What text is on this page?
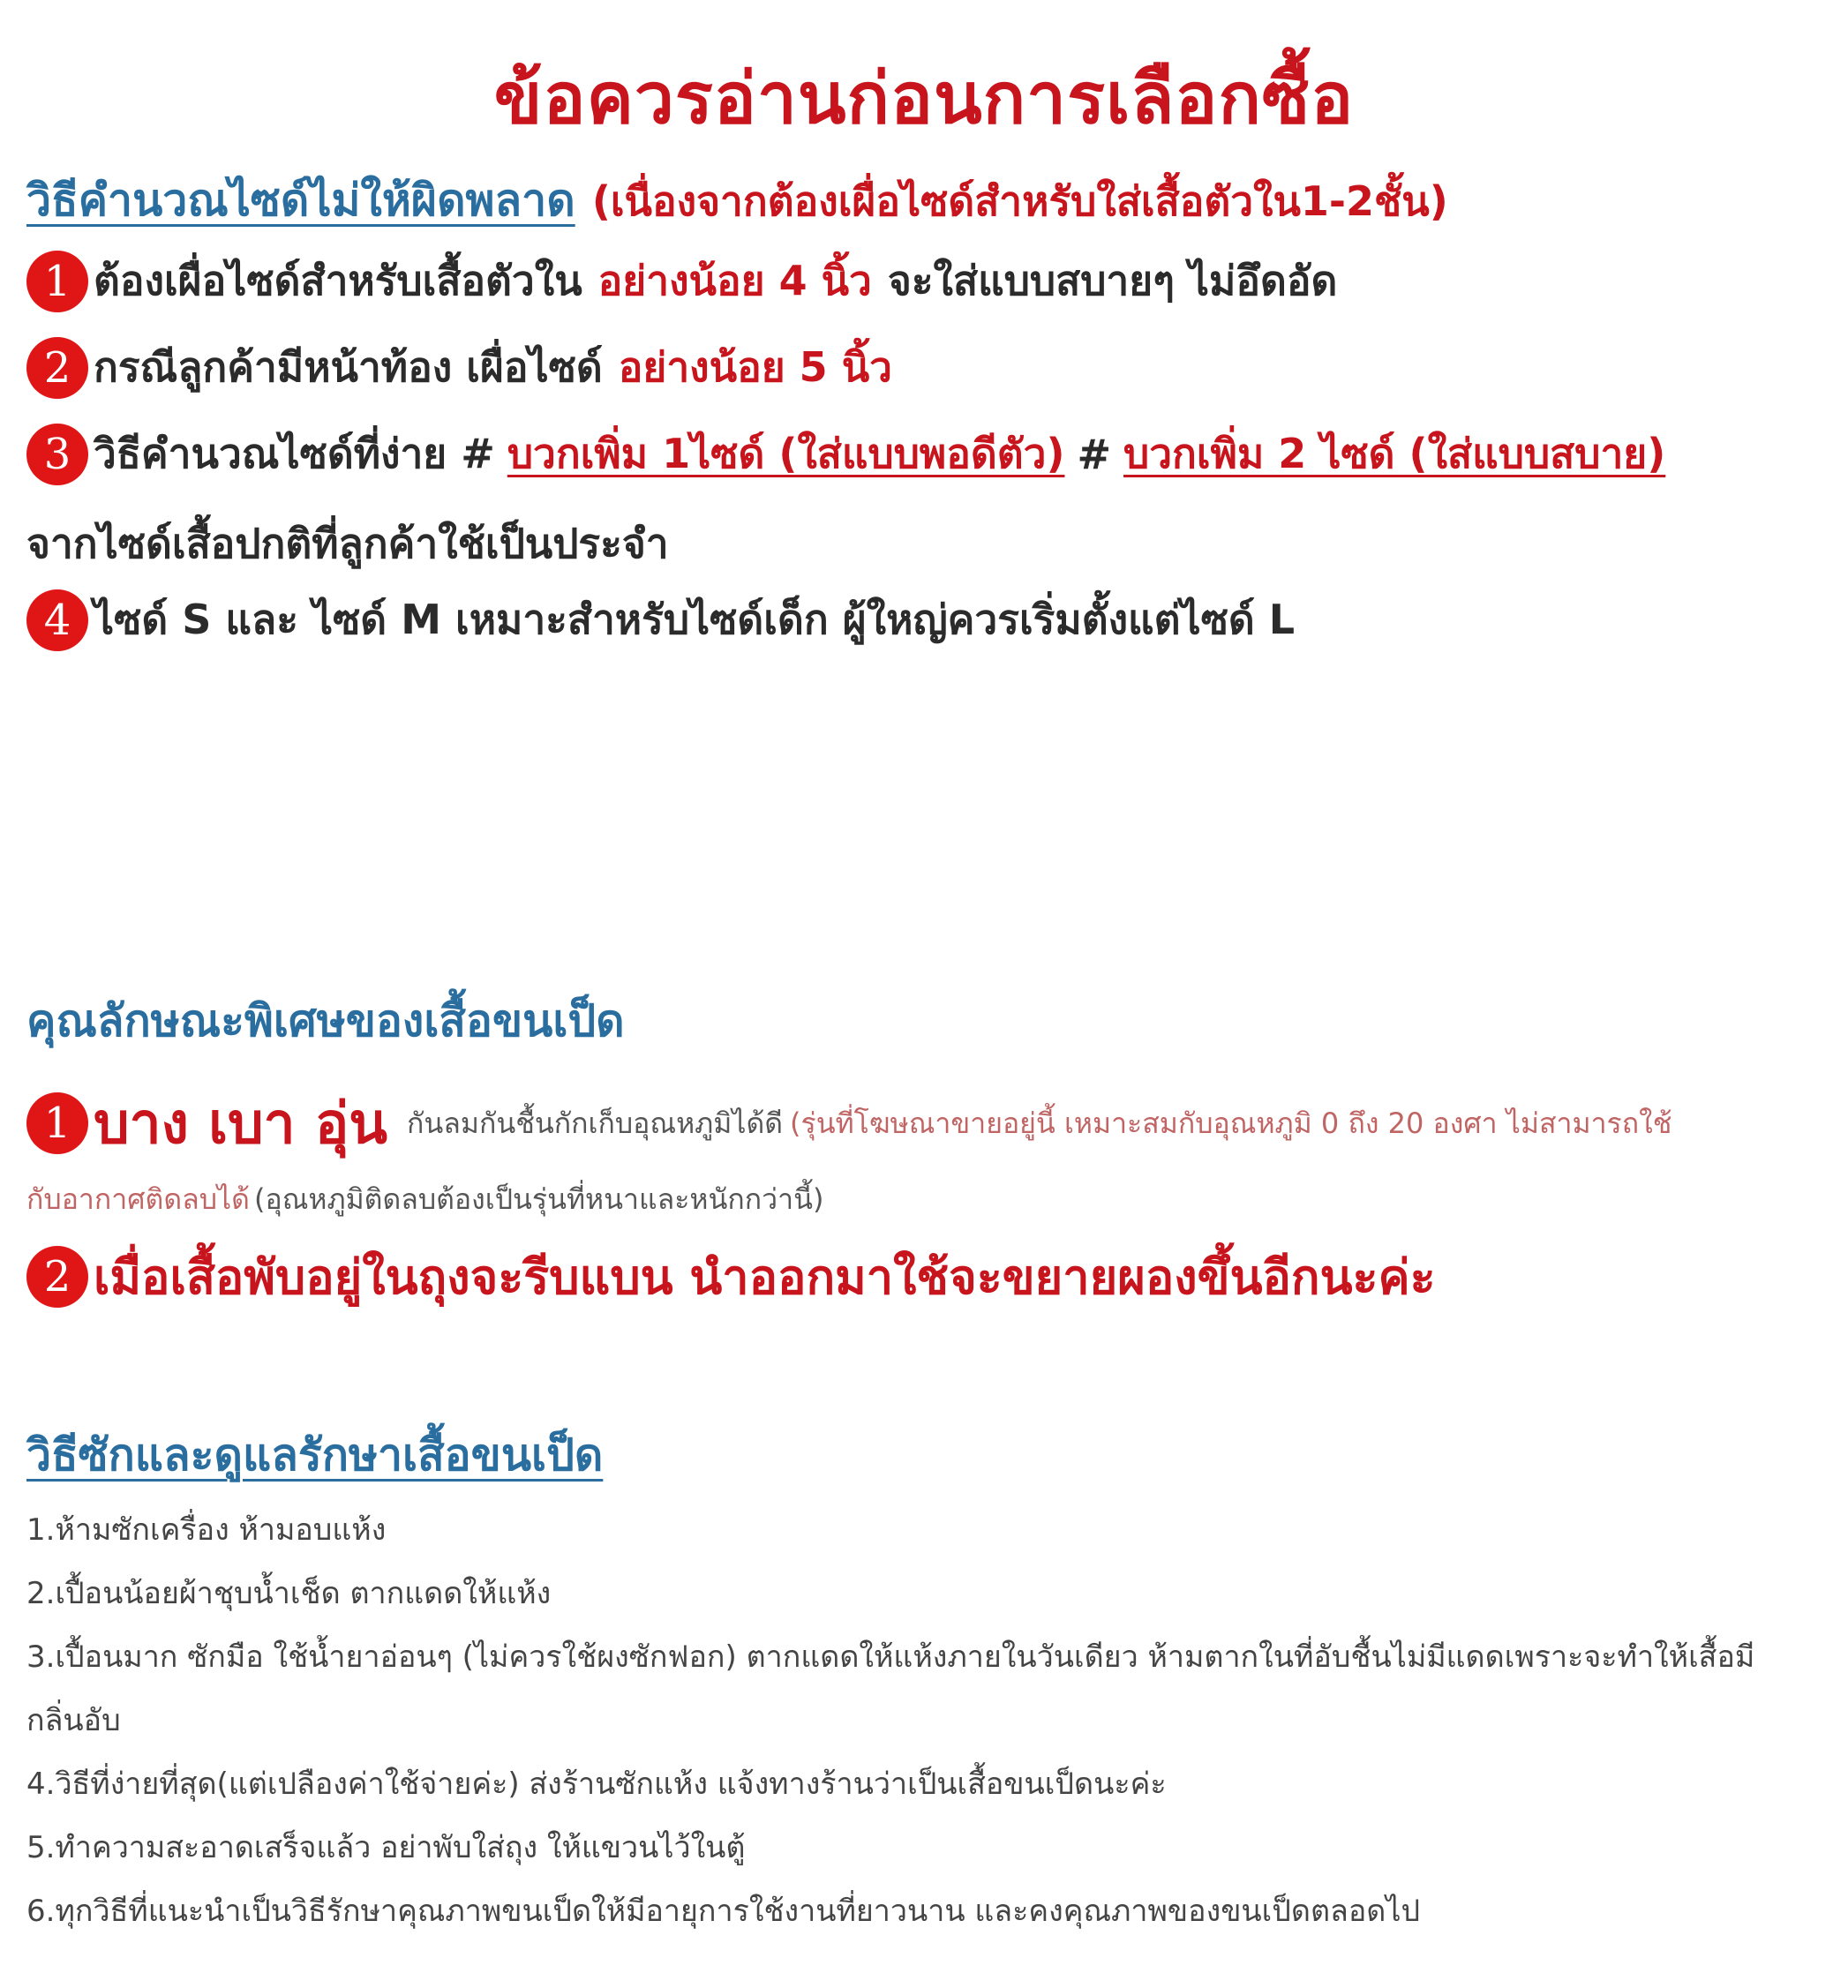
ข้อควรอ่านก่อนการเลือกซื้อ
วิธีคำนวณไซด์ไม่ให้ผิดพลาด (เนื่องจากต้องเผื่อไซด์สำหรับใส่เสื้อตัวใน1-2ชั้น)
1 ต้องเผื่อไซด์สำหรับเสื้อตัวใน อย่างน้อย 4 นิ้ว จะใส่แบบสบายๆ ไม่อึดอัด
2 กรณีลูกค้ามีหน้าท้อง เผื่อไซด์ อย่างน้อย 5 นิ้ว
3 วิธีคำนวณไซด์ที่ง่าย # บวกเพิ่ม 1ไซด์ (ใส่แบบพอดีตัว) # บวกเพิ่ม 2 ไซด์ (ใส่แบบสบาย)
จากไซด์เสื้อปกติที่ลูกค้าใช้เป็นประจำ
4 ไซด์ S และ ไซด์ M เหมาะสำหรับไซด์เด็ก ผู้ใหญ่ควรเริ่มตั้งแต่ไซด์ L
คุณลักษณะพิเศษของเสื้อขนเป็ด
1 บาง เบา อุ่น กันลมกันชื้นกักเก็บอุณหภูมิได้ดี (รุ่นที่โฆษณาขายอยู่นี้ เหมาะสมกับอุณหภูมิ 0 ถึง 20 องศา ไม่สามารถใช้
กับอากาศติดลบได้ (อุณหภูมิติดลบต้องเป็นรุ่นที่หนาและหนักกว่านี้)
2 เมื่อเสื้อพับอยู่ในถุงจะรีบแบน นำออกมาใช้จะขยายผองขึ้นอีกนะค่ะ
วิธีซักและดูแลรักษาเสื้อขนเป็ด
1.ห้ามซักเครื่อง ห้ามอบแห้ง
2.เปื้อนน้อยผ้าชุบน้ำเช็ด ตากแดดให้แห้ง
3.เปื้อนมาก ซักมือ ใช้น้ำยาอ่อนๆ (ไม่ควรใช้ผงซักฟอก) ตากแดดให้แห้งภายในวันเดียว ห้ามตากในที่อับชื้นไม่มีแดดเพราะจะทำให้เสื้อมี
กลิ่นอับ
4.วิธีที่ง่ายที่สุด(แต่เปลืองค่าใช้จ่ายค่ะ) ส่งร้านซักแห้ง แจ้งทางร้านว่าเป็นเสื้อขนเป็ดนะค่ะ
5.ทำความสะอาดเสร็จแล้ว อย่าพับใส่ถุง ให้แขวนไว้ในตู้
6.ทุกวิธีที่แนะนำเป็นวิธีรักษาคุณภาพขนเป็ดให้มีอายุการใช้งานที่ยาวนาน และคงคุณภาพของขนเป็ดตลอดไป
